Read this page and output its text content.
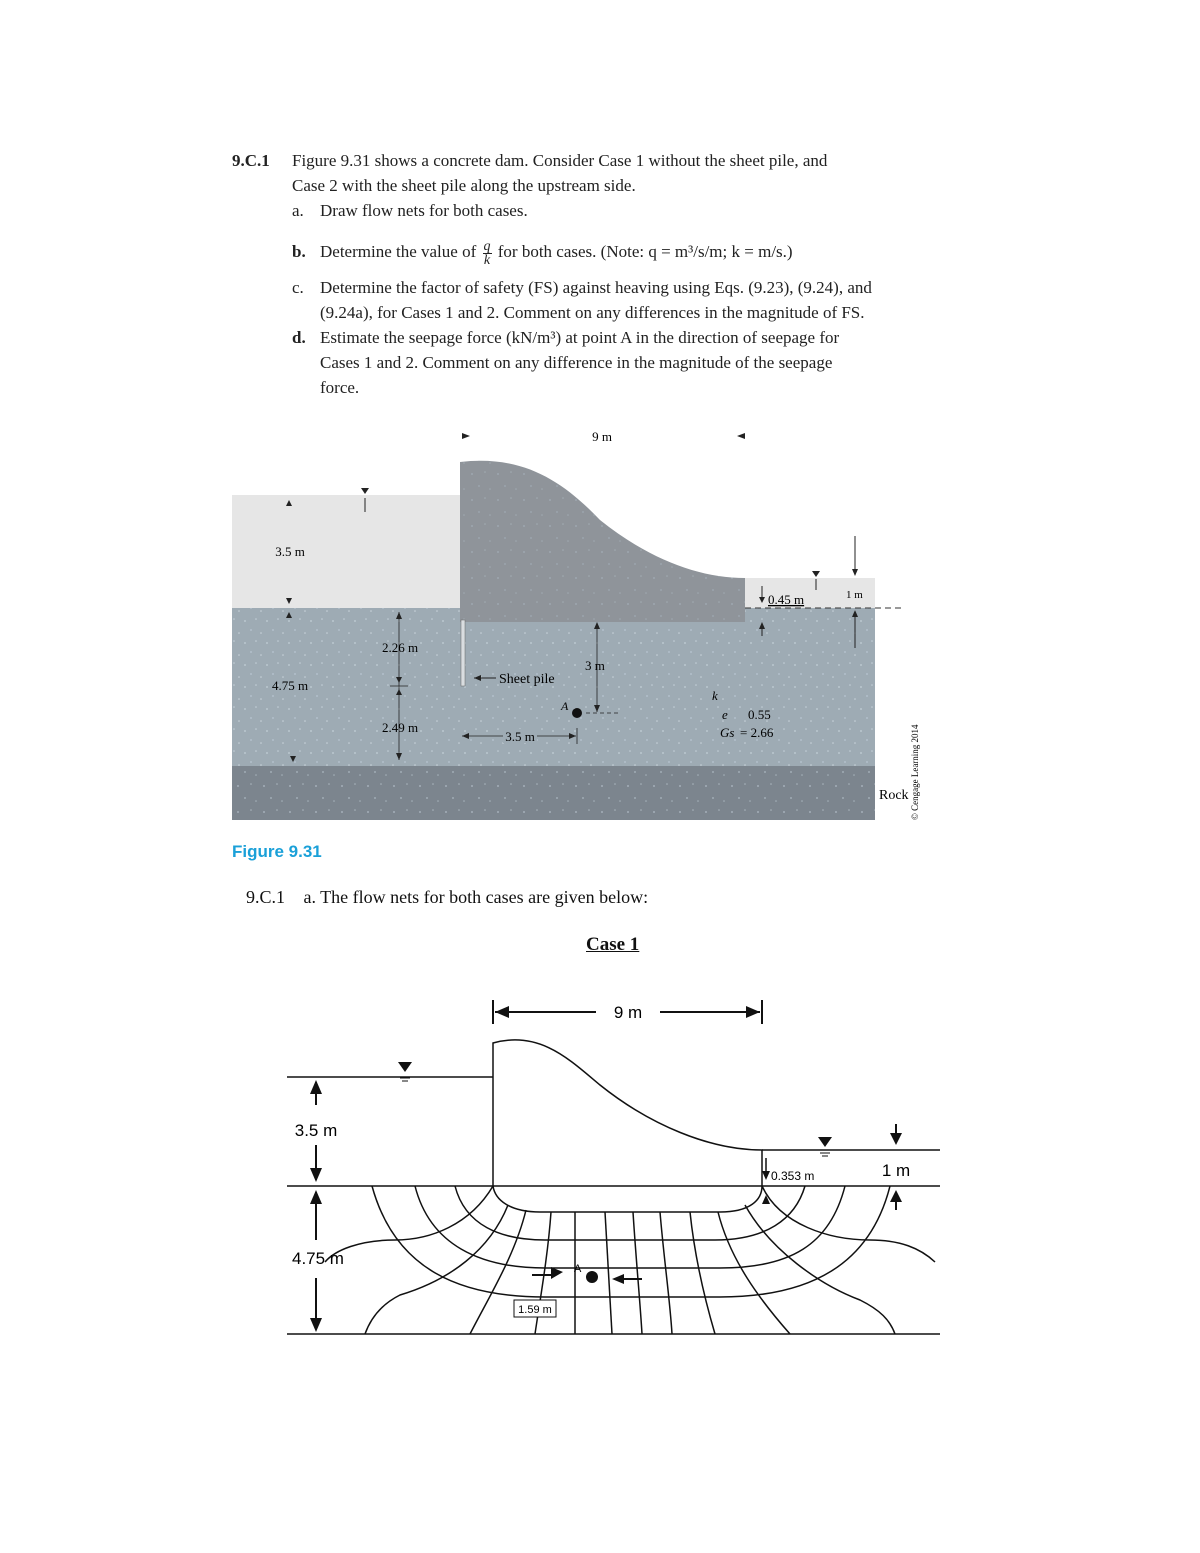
9.C.1 Figure 9.31 shows a concrete dam. Consider Case 1 without the sheet pile, and
Case 2 with the sheet pile along the upstream side.
a. Draw flow nets for both cases.
b. Determine the value of $\frac{q}{k}$ for both cases. (Note: q = m³/s/m; k = m/s.)
c. Determine the factor of safety (FS) against heaving using Eqs. (9.23), (9.24), and
(9.24a), for Cases 1 and 2. Comment on any differences in the magnitude of FS.
d. Estimate the seepage force (kN/m³) at point A in the direction of seepage for
Cases 1 and 2. Comment on any difference in the magnitude of the seepage
force.
9 m
3.5 m
4.75 m
2.26 m
2.49 m
Sheet pile
3 m
A
3.5 m
k
e 0.55
Gs = 2.66
0.45 m	1 m
Rock © Cengage Learning 2014
Figure 9.31
9.C.1 a. The flow nets for both cases are given below:
Case 1
9 m
3.5 m
4.75 m
0.353 m	1 m
A
1.59 m
